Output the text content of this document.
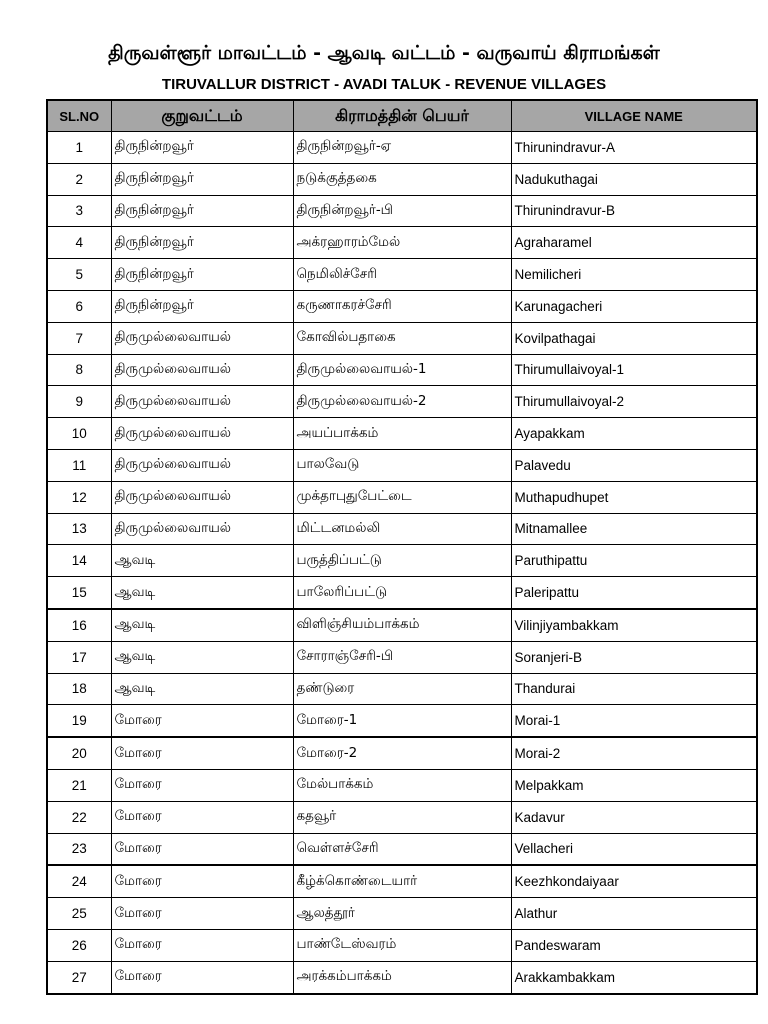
திருவள்ளூர் மாவட்டம் - ஆவடி வட்டம் - வருவாய் கிராமங்கள்
TIRUVALLUR DISTRICT - AVADI TALUK - REVENUE VILLAGES
SL.NO	குறுவட்டம்	கிராமத்தின் பெயர்	VILLAGE NAME
1	திருநின்றவூர்	திருநின்றவூர்-ஏ	Thirunindravur-A
2	திருநின்றவூர்	நடுக்குத்தகை	Nadukuthagai
3	திருநின்றவூர்	திருநின்றவூர்-பி	Thirunindravur-B
4	திருநின்றவூர்	அக்ரஹாரம்மேல்	Agraharamel
5	திருநின்றவூர்	நெமிலிச்சேரி	Nemilicheri
6	திருநின்றவூர்	கருணாகரச்சேரி	Karunagacheri
7	திருமுல்லைவாயல்	கோவில்பதாகை	Kovilpathagai
8	திருமுல்லைவாயல்	திருமுல்லைவாயல்-1	Thirumullaivoyal-1
9	திருமுல்லைவாயல்	திருமுல்லைவாயல்-2	Thirumullaivoyal-2
10	திருமுல்லைவாயல்	அயப்பாக்கம்	Ayapakkam
11	திருமுல்லைவாயல்	பாலவேடு	Palavedu
12	திருமுல்லைவாயல்	முக்தாபுதுபேட்டை	Muthapudhupet
13	திருமுல்லைவாயல்	மிட்டனமல்லி	Mitnamallee
14	ஆவடி	பருத்திப்பட்டு	Paruthipattu
15	ஆவடி	பாலேரிப்பட்டு	Paleripattu
16	ஆவடி	விளிஞ்சியம்பாக்கம்	Vilinjiyambakkam
17	ஆவடி	சோராஞ்சேரி-பி	Soranjeri-B
18	ஆவடி	தண்டுரை	Thandurai
19	மோரை	மோரை-1	Morai-1
20	மோரை	மோரை-2	Morai-2
21	மோரை	மேல்பாக்கம்	Melpakkam
22	மோரை	கதவூர்	Kadavur
23	மோரை	வெள்ளச்சேரி	Vellacheri
24	மோரை	கீழ்க்கொண்டையார்	Keezhkondaiyaar
25	மோரை	ஆலத்தூர்	Alathur
26	மோரை	பாண்டேஸ்வரம்	Pandeswaram
27	மோரை	அரக்கம்பாக்கம்	Arakkambakkam
